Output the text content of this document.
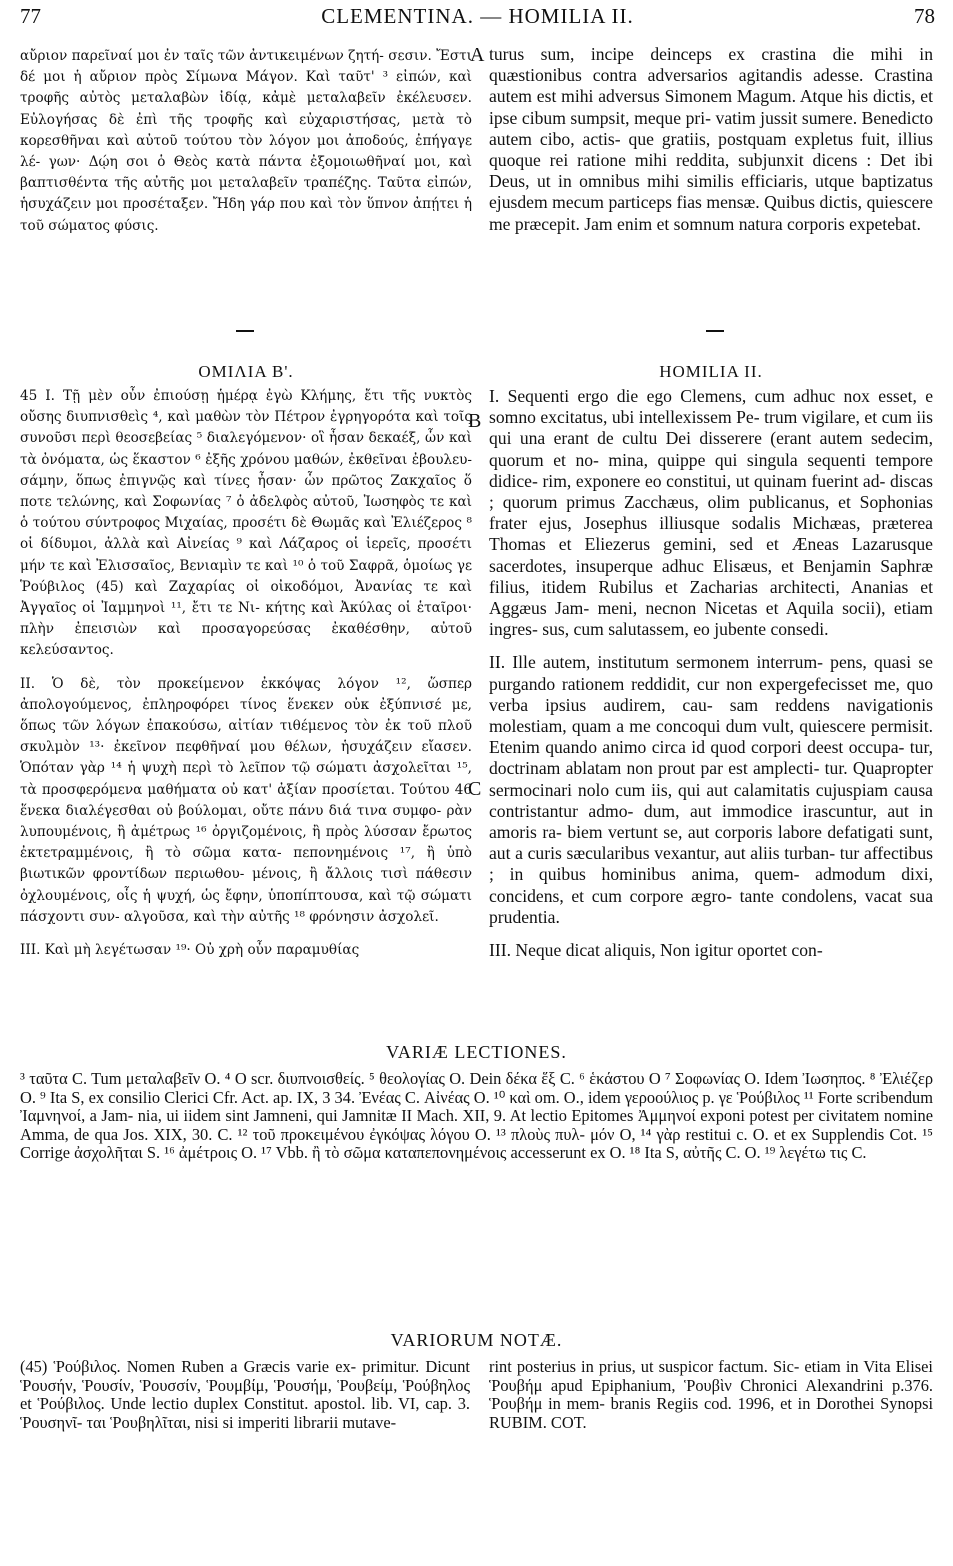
77	CLEMENTINA. — HOMILIA II.	78

αὔριον παρεῖναί μοι ἐν ταῖς τῶν ἀντικειμένων ζητή- σεσιν. Ἔστι δέ μοι ἡ αὔριον πρὸς Σίμωνα Μάγον. Καὶ ταῦτ' ³ εἰπών, καὶ τροφῆς αὐτὸς μεταλαβὼν ἰδίᾳ, κἀμὲ μεταλαβεῖν ἐκέλευσεν. Εὐλογήσας δὲ ἐπὶ τῆς τροφῆς καὶ εὐχαριστήσας, μετὰ τὸ κορεσθῆναι καὶ αὐτοῦ τούτου τὸν λόγον μοι ἀποδούς, ἐπήγαγε λέ- γων· Δῴη σοι ὁ Θεὸς κατὰ πάντα ἐξομοιωθῆναί μοι, καὶ βαπτισθέντα τῆς αὐτῆς μοι μεταλαβεῖν τραπέζης. Ταῦτα εἰπών, ἡσυχάζειν μοι προσέταξεν. Ἤδη γάρ που καὶ τὸν ὕπνον ἀπῄτει ἡ τοῦ σώματος φύσις.

A turus sum, incipe deinceps ex crastina die mihi in quæstionibus contra adversarios agitandis adesse. Crastina autem est mihi adversus Simonem Magum. Atque his dictis, et ipse cibum sumpsit, meque pri- vatim jussit sumere. Benedicto autem cibo, actis- que gratiis, postquam expletus fuit, illius quoque rei ratione mihi reddita, subjunxit dicens : Det ibi Deus, ut in omnibus mihi similis efficiaris, utque baptizatus ejusdem mecum particeps fias mensæ. Quibus dictis, quiescere me præcepit. Jam enim et somnum natura corporis expetebat.

ΟΜΙΛΙΑ Β'.	HOMILIA II.

45 Ι. Τῇ μὲν οὖν ἐπιούσῃ ἡμέρᾳ ἐγὼ Κλήμης, ἔτι τῆς νυκτὸς οὔσης διυπνισθεὶς ⁴, καὶ μαθὼν τὸν Πέτρον ἐγρηγορότα καὶ τοῖς συνοῦσι περὶ θεοσεβείας ⁵ διαλεγόμενον· οἳ ἦσαν δεκαέξ, ὧν καὶ τὰ ὀνόματα, ὡς ἕκαστον ⁶ ἐξῆς χρόνου μαθών, ἐκθεῖναι ἐβουλευ- σάμην, ὅπως ἐπιγνῷς καὶ τίνες ἦσαν· ὧν πρῶτος Ζακχαῖος ὅ ποτε τελώνης, καὶ Σοφωνίας ⁷ ὁ ἀδελφὸς αὐτοῦ, Ἰωσηφὸς τε καὶ ὁ τούτου σύντροφος Μιχαίας, προσέτι δὲ Θωμᾶς καὶ Ἐλιέζερος ⁸ οἱ δίδυμοι, ἀλλὰ καὶ Αἰνείας ⁹ καὶ Λάζαρος οἱ ἱερεῖς, προσέτι μήν τε καὶ Ἐλισσαῖος, Βενιαμὶν τε καὶ ¹⁰ ὁ τοῦ Σαφρᾶ, ὁμοίως γε Ῥούβιλος (45) καὶ Ζαχαρίας οἱ οἰκοδόμοι, Ἀνανίας τε καὶ Ἀγγαῖος οἱ Ἰαμμηνοὶ ¹¹, ἔτι τε Νι- κήτης καὶ Ἀκύλας οἱ ἑταῖροι· πλὴν ἐπεισιὼν καὶ προσαγορεύσας ἐκαθέσθην, αὐτοῦ κελεύσαντος.

ΙΙ. Ὁ δὲ, τὸν προκείμενον ἐκκόψας λόγον ¹², ὥσπερ ἀπολογούμενος, ἐπληροφόρει τίνος ἕνεκεν οὐκ ἐξύπνισέ με, ὅπως τῶν λόγων ἐπακούσω, αἰτίαν τιθέμενος τὸν ἐκ τοῦ πλοῦ σκυλμὸν ¹³· ἐκεῖνον πεφθῆναί μου θέλων, ἡσυχάζειν εἴασεν. Ὁπόταν γὰρ ¹⁴ ἡ ψυχὴ περὶ τὸ λεῖπον τῷ σώματι ἀσχολεῖται ¹⁵, τὰ προσφερόμενα μαθήματα οὐ κατ' ἀξίαν προσίεται. Τούτου 46 ἕνεκα διαλέγεσθαι οὐ βούλομαι, οὔτε πάνυ διά τινα συμφο- ρὰν λυπουμένοις, ἢ ἀμέτρως ¹⁶ ὀργιζομένοις, ἢ πρὸς λύσσαν ἔρωτος ἐκτετραμμένοις, ἢ τὸ σῶμα κατα- πεπονημένοις ¹⁷, ἢ ὑπὸ βιωτικῶν φροντίδων περιωθου- μένοις, ἢ ἄλλοις τισὶ πάθεσιν ὀχλουμένοις, οἷς ἡ ψυχή, ὡς ἔφην, ὑποπίπτουσα, καὶ τῷ σώματι πάσχοντι συν- αλγοῦσα, καὶ τὴν αὐτῆς ¹⁸ φρόνησιν ἀσχολεῖ.

ΙΙΙ. Καὶ μὴ λεγέτωσαν ¹⁹· Οὐ χρὴ οὖν παραμυθίας

B
C

I. Sequenti ergo die ego Clemens, cum adhuc nox esset, e somno excitatus, ubi intellexissem Pe- trum vigilare, et cum iis qui una erant de cultu Dei disserere (erant autem sedecim, quorum et no- mina, quippe qui singula sequenti tempore didice- rim, exponere eo constitui, ut quinam fuerint ad- discas ; quorum primus Zacchæus, olim publicanus, et Sophonias frater ejus, Josephus illiusque sodalis Michæas, præterea Thomas et Eliezerus gemini, sed et Æneas Lazarusque sacerdotes, insuperque adhuc Elisæus, et Benjamin Saphræ filius, itidem Rubilus et Zacharias architecti, Ananias et Aggæus Jam- meni, necnon Nicetas et Aquila socii), etiam ingres- sus, cum salutassem, eo jubente consedi.

II. Ille autem, institutum sermonem interrum- pens, quasi se purgando rationem reddidit, cur non expergefecisset me, quo verba ipsius audirem, cau- sam reddens navigationis molestiam, quam a me concoqui dum vult, quiescere permisit. Etenim quando animo circa id quod corpori deest occupa- tur, doctrinam ablatam non prout par est amplecti- tur. Quapropter sermocinari nolo cum iis, qui aut calamitatis cujuspiam causa contristantur admo- dum, aut immodice irascuntur, aut in amoris ra- biem vertunt se, aut corporis labore defatigati sunt, aut a curis sæcularibus vexantur, aut aliis turban- tur affectibus ; in quibus hominibus anima, quem- admodum dixi, concidens, et cum corpore ægro- tante condolens, vacat sua prudentia.

III. Neque dicat aliquis, Non igitur oportet con-

VARIÆ LECTIONES.
³ ταῦτα C. Tum μεταλαβεῖν O. ⁴ O scr. διυπνοισθείς. ⁵ θεολογίας O. Dein δέκα ἕξ C. ⁶ ἑκάστου O ⁷ Σοφωνίας O. Idem Ἰωσηπος. ⁸ Ἐλιέζερ O. ⁹ Ita S, ex consilio Clerici Cfr. Act. ap. IX, 3 34. Ἐνέας C. Αἰνέας O. ¹⁰ καὶ om. O., idem γεροούλιος p. γε Ῥούβιλος ¹¹ Forte scribendum Ἰαμνηνοί, a Jam- nia, ui iidem sint Jamneni, qui Jamnitæ II Mach. XII, 9. At lectio Epitomes Ἀμμηνοί exponi potest per civitatem nomine Amma, de qua Jos. XIX, 30. C. ¹² τοῦ προκειμένου ἐγκόψας λόγου O. ¹³ πλοὺς πυλ- μόν O, ¹⁴ γὰρ restitui c. O. et ex Supplendis Cot. ¹⁵ Corrige ἀσχολῆται S. ¹⁶ ἀμέτροις O. ¹⁷ Vbb. ἢ τὸ σῶμα καταπεπονημένοις accesserunt ex O. ¹⁸ Ita S, αὐτῆς C. O. ¹⁹ λεγέτω τις C.
VARIORUM NOTÆ.
(45) Ῥούβιλος. Nomen Ruben a Græcis varie ex- primitur. Dicunt Ῥουσήν, Ῥουσίν, Ῥουσσίν, Ῥουμβίμ, Ῥουσήμ, Ῥουβείμ, Ῥούβηλος et Ῥούβιλος. Unde lectio duplex Constitut. apostol. lib. VI, cap. 3. Ῥουσηνῖ- ται Ῥουβηλῖται, nisi si imperiti librarii mutave-
rint posterius in prius, ut suspicor factum. Sic- etiam in Vita Elisei Ῥουβήμ apud Epiphanium, Ῥουβὶν Chronici Alexandrini p.376. Ῥουβήμ in mem- branis Regiis cod. 1996, et in Dorothei Synopsi RUBIM. COT.
